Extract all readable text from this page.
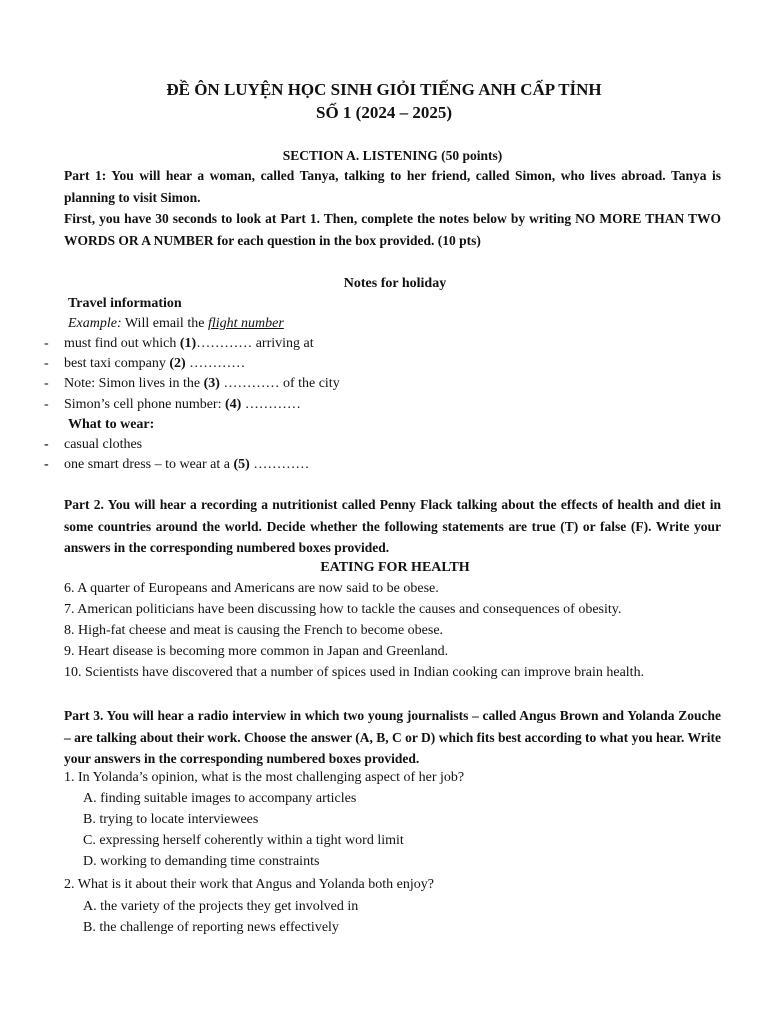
ĐỀ ÔN LUYỆN HỌC SINH GIỎI TIẾNG ANH CẤP TỈNH
SỐ 1 (2024 – 2025)
SECTION A. LISTENING (50 points)
Part 1: You will hear a woman, called Tanya, talking to her friend, called Simon, who lives abroad. Tanya is planning to visit Simon.
First, you have 30 seconds to look at Part 1. Then, complete the notes below by writing NO MORE THAN TWO WORDS OR A NUMBER for each question in the box provided. (10 pts)
Notes for holiday
Travel information
Example: Will email the flight number
- must find out which (1)………… arriving at
- best taxi company (2) …………
- Note: Simon lives in the (3) ………… of the city
- Simon’s cell phone number: (4) …………
What to wear:
- casual clothes
- one smart dress – to wear at a (5) …………
Part 2. You will hear a recording a nutritionist called Penny Flack talking about the effects of health and diet in some countries around the world. Decide whether the following statements are true (T) or false (F). Write your answers in the corresponding numbered boxes provided.
EATING FOR HEALTH
6. A quarter of Europeans and Americans are now said to be obese.
7. American politicians have been discussing how to tackle the causes and consequences of obesity.
8. High-fat cheese and meat is causing the French to become obese.
9. Heart disease is becoming more common in Japan and Greenland.
10. Scientists have discovered that a number of spices used in Indian cooking can improve brain health.
Part 3. You will hear a radio interview in which two young journalists – called Angus Brown and Yolanda Zouche – are talking about their work. Choose the answer (A, B, C or D) which fits best according to what you hear. Write your answers in the corresponding numbered boxes provided.
1. In Yolanda’s opinion, what is the most challenging aspect of her job?
A. finding suitable images to accompany articles
B. trying to locate interviewees
C. expressing herself coherently within a tight word limit
D. working to demanding time constraints
2. What is it about their work that Angus and Yolanda both enjoy?
A. the variety of the projects they get involved in
B. the challenge of reporting news effectively
